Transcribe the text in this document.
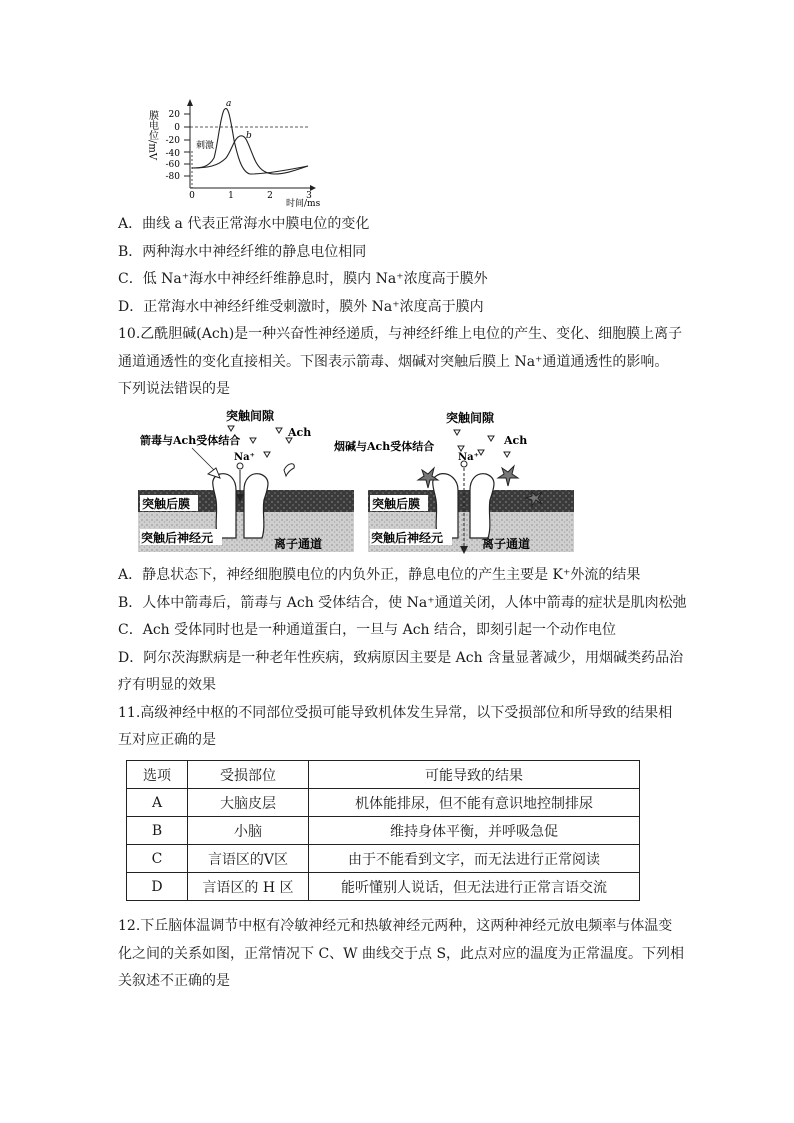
膜电位/mV 20
0
-20
-40
-60
-80
刺激
0	1	2	3
时间/ms
a
b
A．曲线 a 代表正常海水中膜电位的变化
B．两种海水中神经纤维的静息电位相同
C．低 Na⁺海水中神经纤维静息时，膜内 Na⁺浓度高于膜外
D．正常海水中神经纤维受刺激时，膜外 Na⁺浓度高于膜内
10.乙酰胆碱(Ach)是一种兴奋性神经递质，与神经纤维上电位的产生、变化、细胞膜上离子
通道通透性的变化直接相关。下图表示箭毒、烟碱对突触后膜上 Na⁺通道通透性的影响。
下列说法错误的是
突触间隙
Ach
箭毒与Ach受体结合
Na⁺
突触后膜
突触后神经元	离子通道
突触间隙
Ach
烟碱与Ach受体结合
Na⁺
突触后膜
突触后神经元	离子通道
A．静息状态下，神经细胞膜电位的内负外正，静息电位的产生主要是 K⁺外流的结果
B．人体中箭毒后，箭毒与 Ach 受体结合，使 Na⁺通道关闭，人体中箭毒的症状是肌肉松弛
C．Ach 受体同时也是一种通道蛋白，一旦与 Ach 结合，即刻引起一个动作电位
D．阿尔茨海默病是一种老年性疾病，致病原因主要是 Ach 含量显著减少，用烟碱类药品治
疗有明显的效果
11.高级神经中枢的不同部位受损可能导致机体发生异常，以下受损部位和所导致的结果相
互对应正确的是
选项	受损部位	可能导致的结果
A	大脑皮层	机体能排尿，但不能有意识地控制排尿
B	小脑	维持身体平衡，并呼吸急促
C	言语区的Ⅴ区	由于不能看到文字，而无法进行正常阅读
D	言语区的 H 区	能听懂别人说话，但无法进行正常言语交流
12.下丘脑体温调节中枢有冷敏神经元和热敏神经元两种，这两种神经元放电频率与体温变
化之间的关系如图，正常情况下 C、W 曲线交于点 S，此点对应的温度为正常温度。下列相
关叙述不正确的是
